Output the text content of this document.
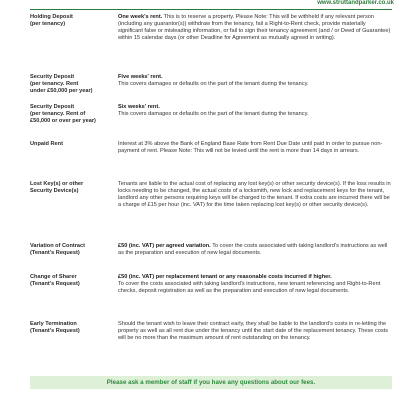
www.struttandparker.co.uk
Holding Deposit
(per tenancy)
One week's rent. This is to reserve a property. Please Note: This will be withheld if any relevant person (including any guarantor(s)) withdraw from the tenancy, fail a Right-to-Rent check, provide materially significant false or misleading information, or fail to sign their tenancy agreement (and / or Deed of Guarantee) within 15 calendar days (or other Deadline for Agreement as mutually agreed in writing).
Security Deposit
(per tenancy. Rent
under £50,000 per year)
Five weeks' rent.
This covers damages or defaults on the part of the tenant during the tenancy.
Security Deposit
(per tenancy. Rent of
£50,000 or over per year)
Six weeks' rent.
This covers damages or defaults on the part of the tenant during the tenancy.
Unpaid Rent	Interest at 3% above the Bank of England Base Rate from Rent Due Date until paid in order to pursue non-payment of rent. Please Note: This will not be levied until the rent is more than 14 days in arrears.
Lost Key(s) or other
Security Device(s)
Tenants are liable to the actual cost of replacing any lost key(s) or other security device(s). If the loss results in locks needing to be changed, the actual costs of a locksmith, new lock and replacement keys for the tenant, landlord any other persons requiring keys will be charged to the tenant. If extra costs are incurred there will be a charge of £15 per hour (inc. VAT) for the time taken replacing lost key(s) or other security device(s).
Variation of Contract
(Tenant's Request)
£50 (inc. VAT) per agreed variation. To cover the costs associated with taking landlord's instructions as well as the preparation and execution of new legal documents.
Change of Sharer
(Tenant's Request)
£50 (inc. VAT) per replacement tenant or any reasonable costs incurred if higher.
To cover the costs associated with taking landlord's instructions, new tenant referencing and Right-to-Rent checks, deposit registration as well as the preparation and execution of new legal documents.
Early Termination
(Tenant's Request)
Should the tenant wish to leave their contract early, they shall be liable to the landlord's costs in re-letting the property as well as all rent due under the tenancy until the start date of the replacement tenancy. These costs will be no more than the maximum amount of rent outstanding on the tenancy.
Please ask a member of staff if you have any questions about our fees.
